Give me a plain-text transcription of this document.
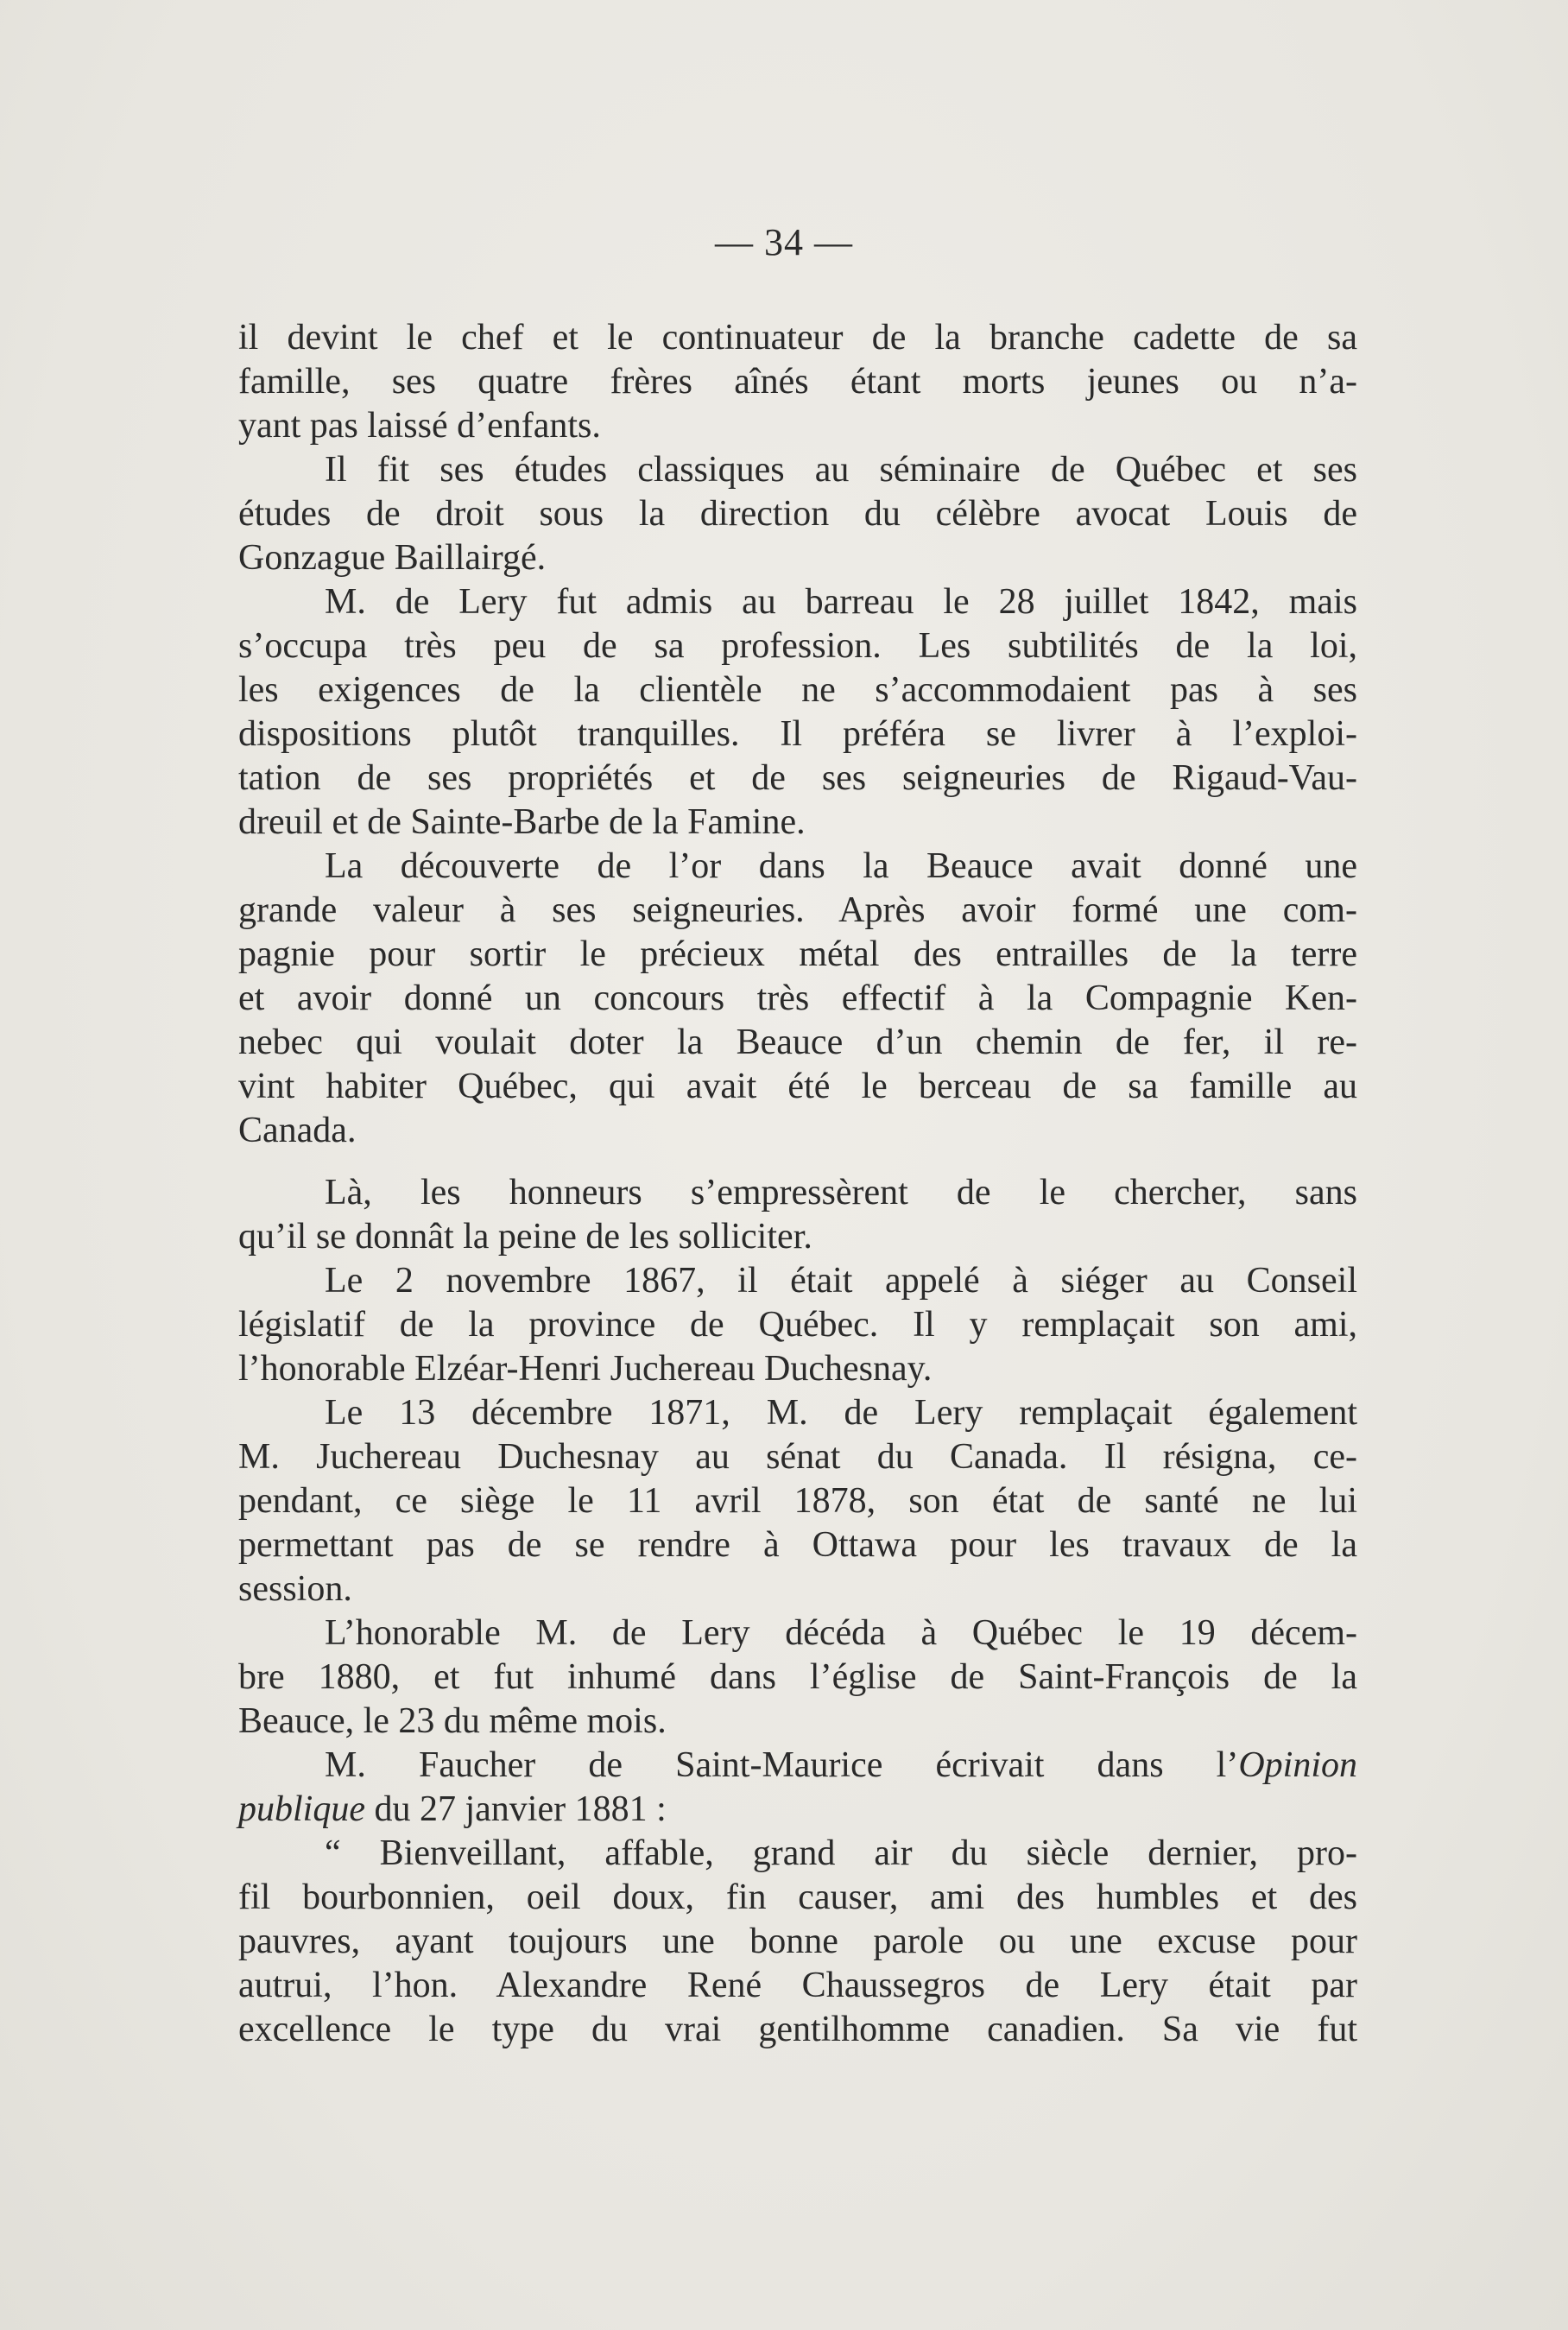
— 34 —
il devint le chef et le continuateur de la branche cadette de sa
famille, ses quatre frères aînés étant morts jeunes ou n’a-
yant pas laissé d’enfants.
Il fit ses études classiques au séminaire de Québec et ses
études de droit sous la direction du célèbre avocat Louis de
Gonzague Baillairgé.
M. de Lery fut admis au barreau le 28 juillet 1842, mais
s’occupa très peu de sa profession. Les subtilités de la loi,
les exigences de la clientèle ne s’accommodaient pas à ses
dispositions plutôt tranquilles. Il préféra se livrer à l’exploi-
tation de ses propriétés et de ses seigneuries de Rigaud-Vau-
dreuil et de Sainte-Barbe de la Famine.
La découverte de l’or dans la Beauce avait donné une
grande valeur à ses seigneuries. Après avoir formé une com-
pagnie pour sortir le précieux métal des entrailles de la terre
et avoir donné un concours très effectif à la Compagnie Ken-
nebec qui voulait doter la Beauce d’un chemin de fer, il re-
vint habiter Québec, qui avait été le berceau de sa famille au
Canada.
Là, les honneurs s’empressèrent de le chercher, sans
qu’il se donnât la peine de les solliciter.
Le 2 novembre 1867, il était appelé à siéger au Conseil
législatif de la province de Québec. Il y remplaçait son ami,
l’honorable Elzéar-Henri Juchereau Duchesnay.
Le 13 décembre 1871, M. de Lery remplaçait également
M. Juchereau Duchesnay au sénat du Canada. Il résigna, ce-
pendant, ce siège le 11 avril 1878, son état de santé ne lui
permettant pas de se rendre à Ottawa pour les travaux de la
session.
L’honorable M. de Lery décéda à Québec le 19 décem-
bre 1880, et fut inhumé dans l’église de Saint-François de la
Beauce, le 23 du même mois.
M. Faucher de Saint-Maurice écrivait dans l’Opinion
publique du 27 janvier 1881 :
“ Bienveillant, affable, grand air du siècle dernier, pro-
fil bourbonnien, oeil doux, fin causer, ami des humbles et des
pauvres, ayant toujours une bonne parole ou une excuse pour
autrui, l’hon. Alexandre René Chaussegros de Lery était par
excellence le type du vrai gentilhomme canadien. Sa vie fut
